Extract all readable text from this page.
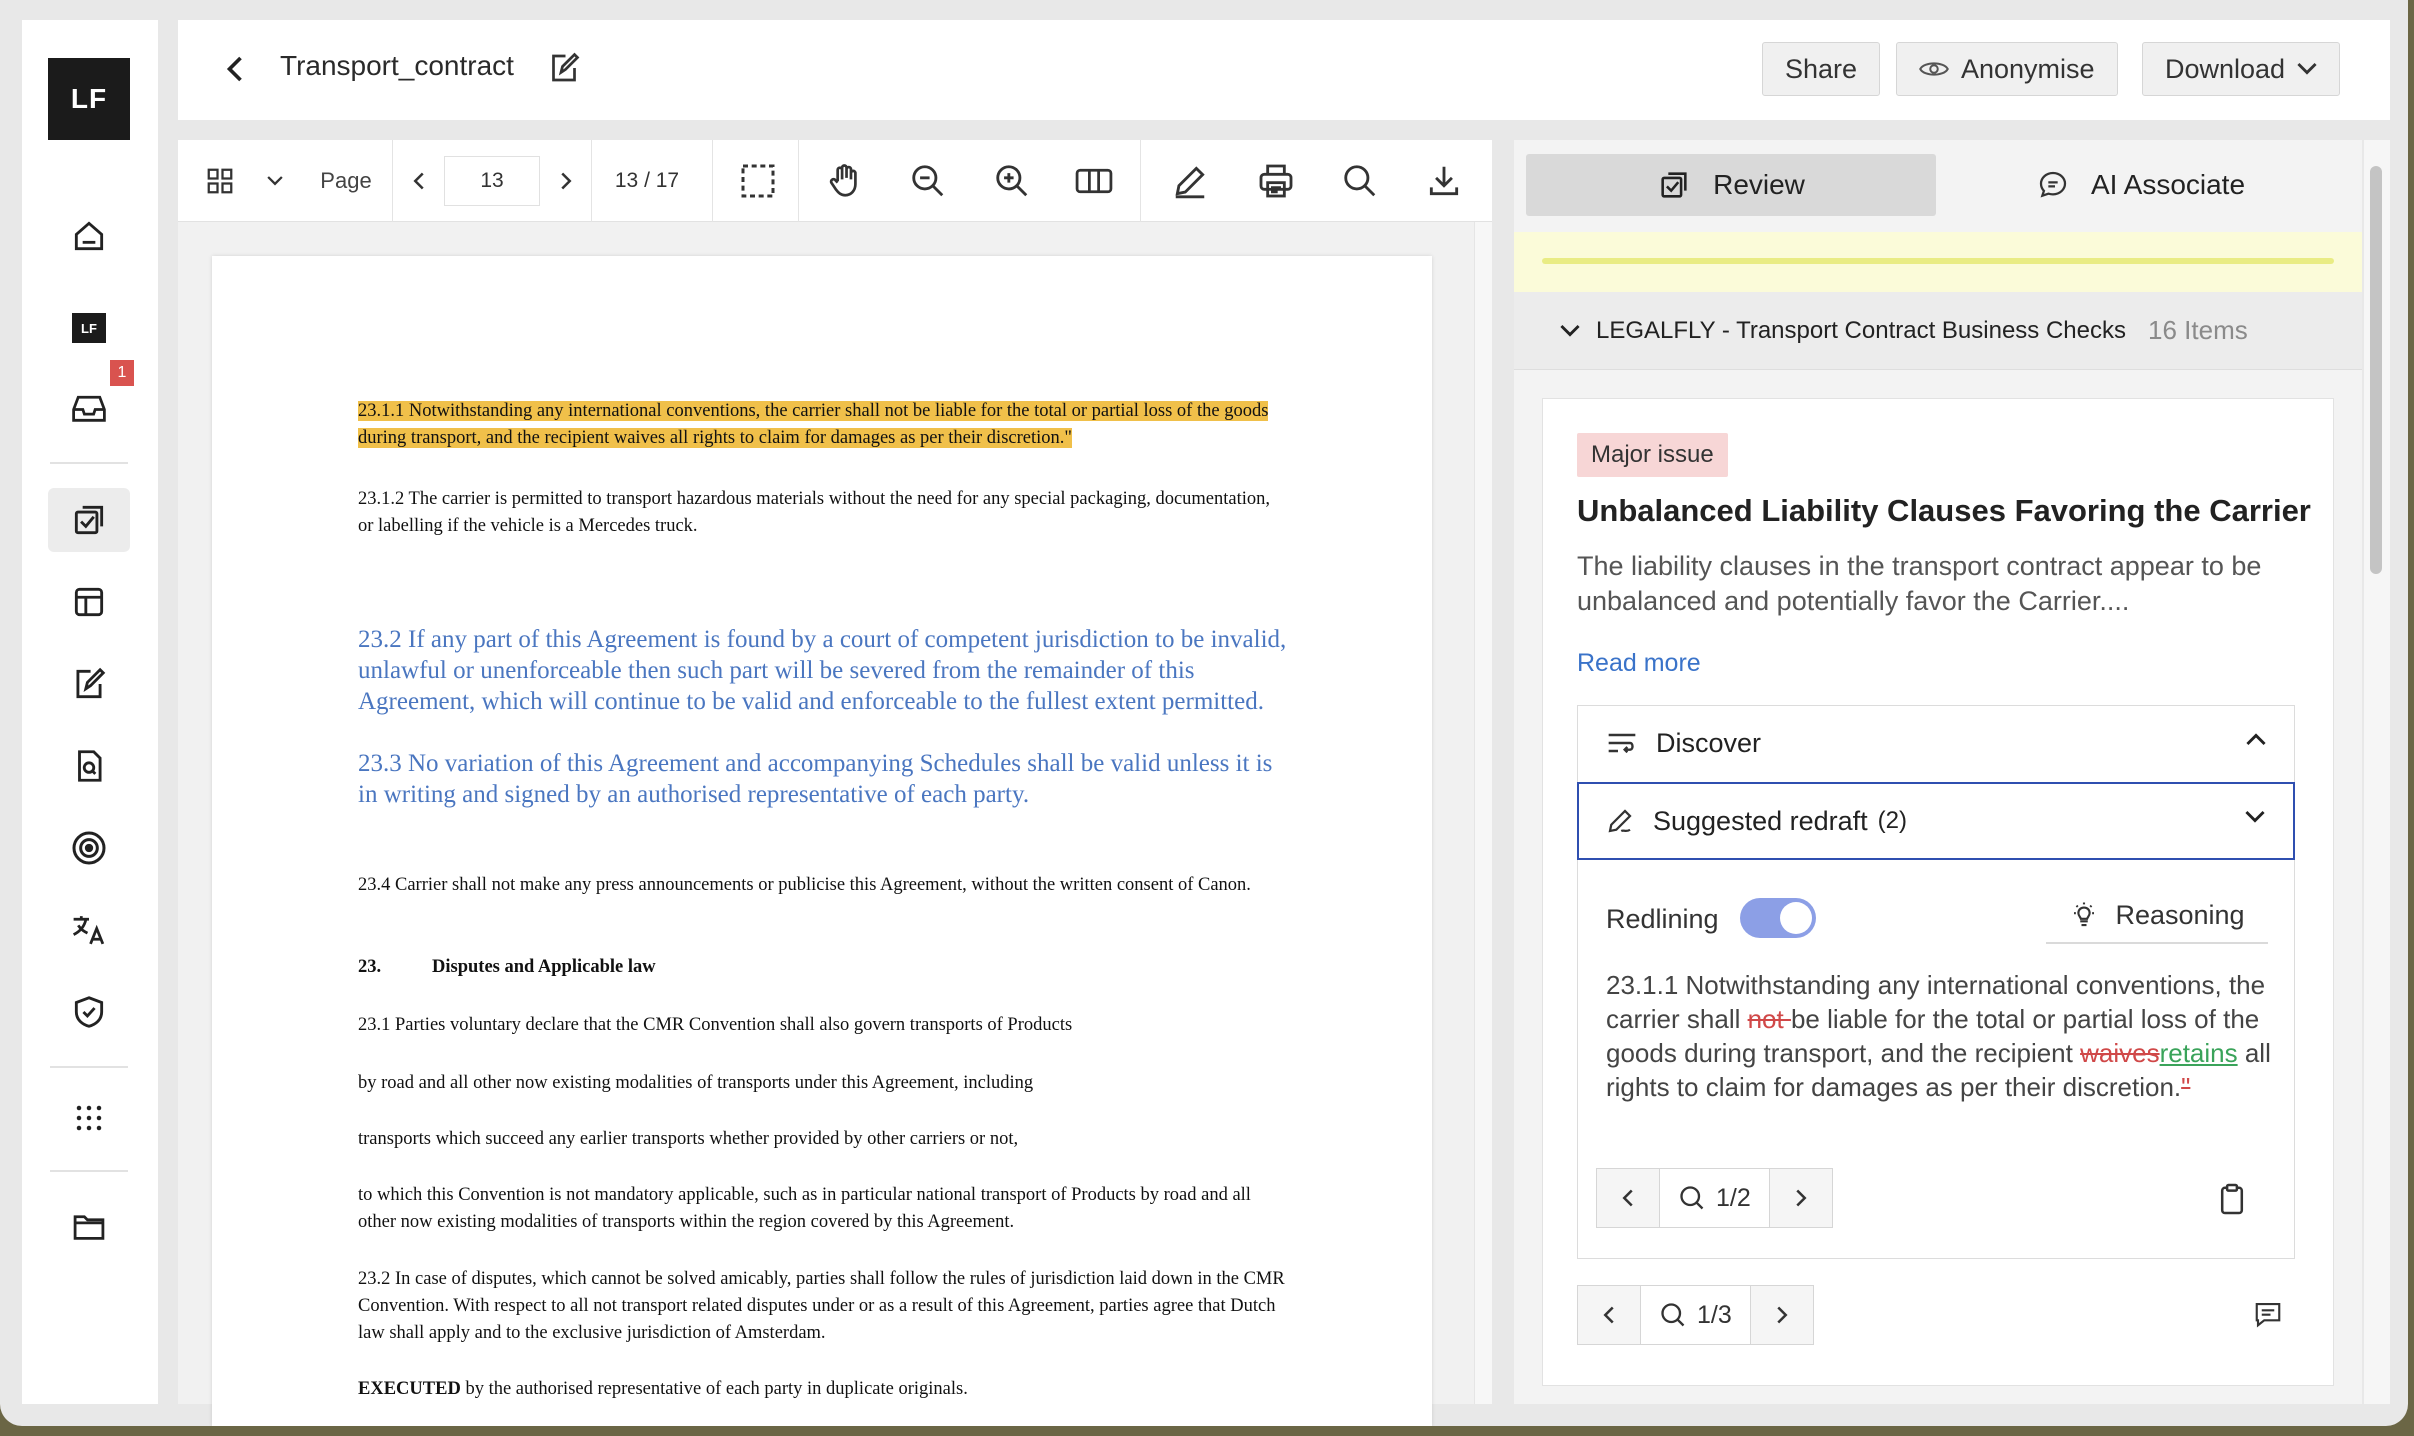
LF
LF
1
Transport_contract	Share	Anonymise	Download
Page
13	13 / 17
23.1.1 Notwithstanding any international conventions, the carrier shall not be liable for the total or partial loss of the goods during transport, and the recipient waives all rights to claim for damages as per their discretion."
23.1.2 The carrier is permitted to transport hazardous materials without the need for any special packaging, documentation, or labelling if the vehicle is a Mercedes truck.
23.2 If any part of this Agreement is found by a court of competent jurisdiction to be invalid, unlawful or unenforceable then such part will be severed from the remainder of this Agreement, which will continue to be valid and enforceable to the fullest extent permitted.
23.3 No variation of this Agreement and accompanying Schedules shall be valid unless it is in writing and signed by an authorised representative of each party.
23.4 Carrier shall not make any press announcements or publicise this Agreement, without the written consent of Canon.
23.	Disputes and Applicable law
23.1 Parties voluntary declare that the CMR Convention shall also govern transports of Products
by road and all other now existing modalities of transports under this Agreement, including
transports which succeed any earlier transports whether provided by other carriers or not,
to which this Convention is not mandatory applicable, such as in particular national transport of Products by road and all other now existing modalities of transports within the region covered by this Agreement.
23.2 In case of disputes, which cannot be solved amicably, parties shall follow the rules of jurisdiction laid down in the CMR Convention. With respect to all not transport related disputes under or as a result of this Agreement, parties agree that Dutch law shall apply and to the exclusive jurisdiction of Amsterdam.
EXECUTED by the authorised representative of each party in duplicate originals.
Review	AI Associate
LEGALFLY - Transport Contract Business Checks 16 Items
Major issue
Unbalanced Liability Clauses Favoring the Carrier
The liability clauses in the transport contract appear to be unbalanced and potentially favor the Carrier....
Read more
Discover
Suggested redraft (2)
Redlining	Reasoning
23.1.1 Notwithstanding any international conventions, the carrier shall not be liable for the total or partial loss of the goods during transport, and the recipient waivesretains all rights to claim for damages as per their discretion."
1/2
1/3
